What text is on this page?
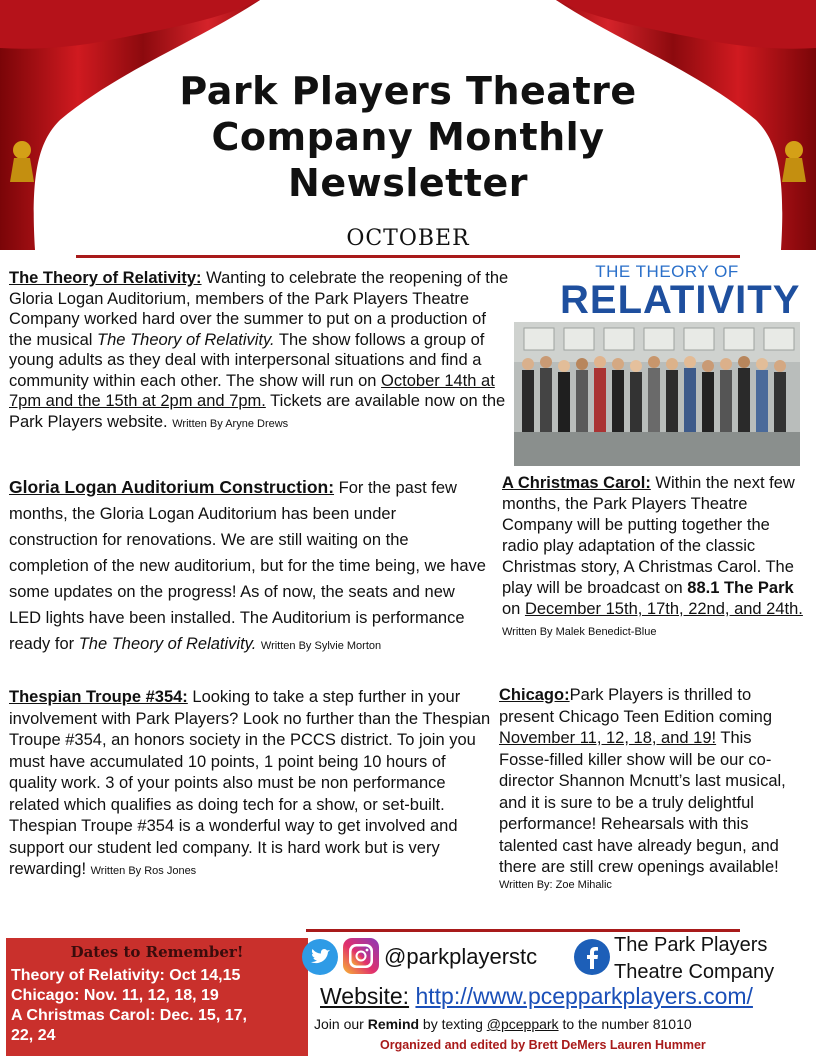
Park Players Theatre
Company Monthly
Newsletter
OCTOBER
The Theory of Relativity: Wanting to celebrate the reopening of the Gloria Logan Auditorium, members of the Park Players Theatre Company worked hard over the summer to put on a production of the musical The Theory of Relativity. The show follows a group of young adults as they deal with interpersonal situations and find a community within each other. The show will run on October 14th at 7pm and the 15th at 2pm and 7pm. Tickets are available now on the Park Players website. Written By Aryne Drews
THE THEORY OF
RELATIVITY
Gloria Logan Auditorium Construction: For the past few months, the Gloria Logan Auditorium has been under construction for renovations. We are still waiting on the completion of the new auditorium, but for the time being, we have some updates on the progress! As of now, the seats and new LED lights have been installed. The Auditorium is performance ready for The Theory of Relativity. Written By Sylvie Morton
A Christmas Carol: Within the next few months, the Park Players Theatre Company will be putting together the radio play adaptation of the classic Christmas story, A Christmas Carol. The play will be broadcast on 88.1 The Park on December 15th, 17th, 22nd, and 24th. Written By Malek Benedict-Blue
Thespian Troupe #354: Looking to take a step further in your involvement with Park Players? Look no further than the Thespian Troupe #354, an honors society in the PCCS district. To join you must have accumulated 10 points, 1 point being 10 hours of quality work. 3 of your points also must be non performance related which qualifies as doing tech for a show, or set-built. Thespian Troupe #354 is a wonderful way to get involved and support our student led company. It is hard work but is very rewarding! Written By Ros Jones
Chicago:Park Players is thrilled to present Chicago Teen Edition coming November 11, 12, 18, and 19! This Fosse-filled killer show will be our co-director Shannon Mcnutt’s last musical, and it is sure to be a truly delightful performance! Rehearsals with this talented cast have already begun, and there are still crew openings available!
Written By: Zoe Mihalic
Dates to Remember!
Theory of Relativity: Oct 14,15
Chicago: Nov. 11, 12, 18, 19
A Christmas Carol: Dec. 15, 17,
22, 24
@parkplayerstc	The Park Players
Theatre Company
Website: http://www.pcepparkplayers.com/
Join our Remind by texting @pceppark to the number 81010
Organized and edited by Brett DeMers Lauren Hummer
